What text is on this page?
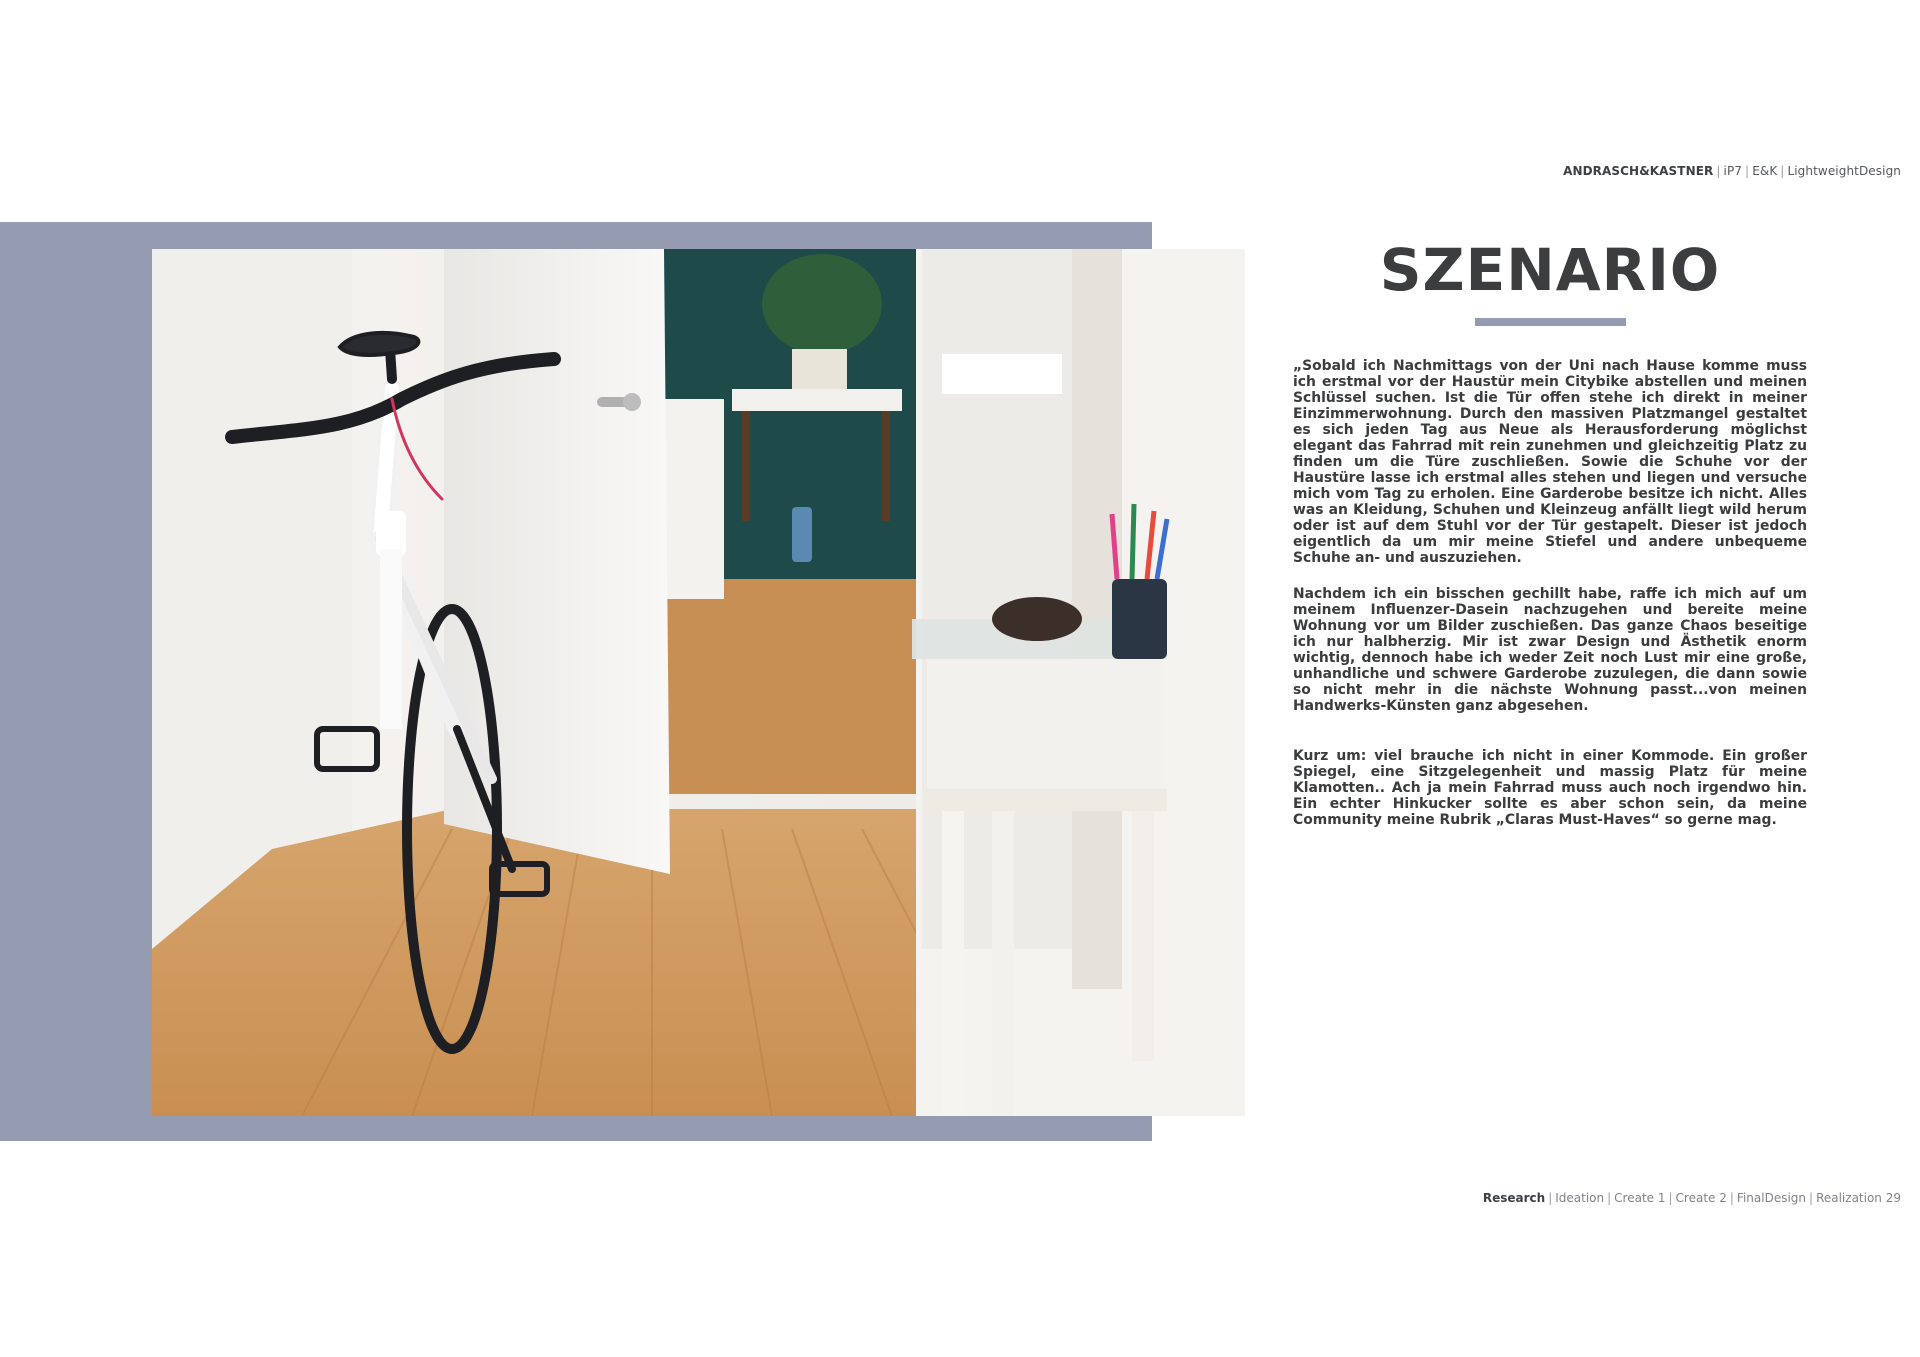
ANDRASCH&KASTNER | iP7 | E&K | LightweightDesign
SZENARIO
„Sobald ich Nachmittags von der Uni nach Hause komme muss ich erstmal vor der Haustür mein Citybike abstellen und meinen Schlüssel suchen. Ist die Tür offen stehe ich direkt in meiner Einzimmerwohnung. Durch den massiven Platzmangel gestaltet es sich jeden Tag aus Neue als Herausforderung möglichst elegant das Fahrrad mit rein zunehmen und gleichzeitig Platz zu finden um die Türe zuschließen. Sowie die Schuhe vor der Haustüre lasse ich erstmal alles stehen und liegen und versuche mich vom Tag zu erholen. Eine Garderobe besitze ich nicht. Alles was an Kleidung, Schuhen und Kleinzeug anfällt liegt wild herum oder ist auf dem Stuhl vor der Tür gestapelt. Dieser ist jedoch eigentlich da um mir meine Stiefel und andere unbequeme Schuhe an- und auszuziehen.
Nachdem ich ein bisschen gechillt habe, raffe ich mich auf um meinem Influenzer-Dasein nachzugehen und bereite meine Wohnung vor um Bilder zuschießen. Das ganze Chaos beseitige ich nur halbherzig. Mir ist zwar Design und Ästhetik enorm wichtig, dennoch habe ich weder Zeit noch Lust mir eine große, unhandliche und schwere Garderobe zuzulegen, die dann sowie so nicht mehr in die nächste Wohnung passt...von meinen Handwerks-Künsten ganz abgesehen.
Kurz um: viel brauche ich nicht in einer Kommode. Ein großer Spiegel, eine Sitzgelegenheit und massig Platz für meine Klamotten.. Ach ja mein Fahrrad muss auch noch irgendwo hin. Ein echter Hinkucker sollte es aber schon sein, da meine Community meine Rubrik „Claras Must-Haves“ so gerne mag.
Research | Ideation | Create 1 | Create 2 | FinalDesign | Realization 29
